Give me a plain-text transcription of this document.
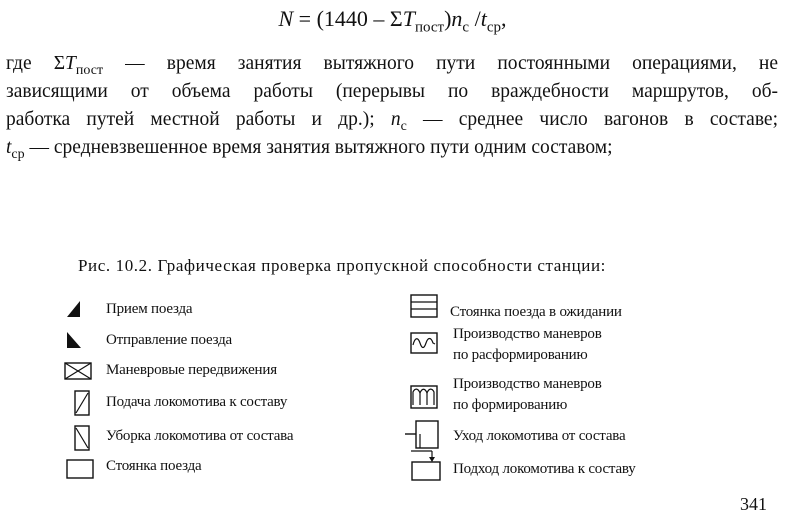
$N = (1440 - \Sigma T_{пост})n_с$ $/t_{ср}$,
где $\Sigma T_{пост}$ — время занятия вытяжного пути постоянными операциями, не
зависящими от объема работы (перерывы по враждебности маршрутов, об-
работка путей местной работы и др.); $n_с$ — среднее число вагонов в составе;
$t_{ср}$ — средневзвешенное время занятия вытяжного пути одним составом;
Рис. 10.2. Графическая проверка пропускной способности станции:
Прием поезда
Отправление поезда
Маневровые передвижения
Подача локомотива к составу
Уборка локомотива от состава
Стоянка поезда
Стоянка поезда в ожидании
Производство маневров
по расформированию
Производство маневров
по формированию
Уход локомотива от состава
Подход локомотива к составу
341
